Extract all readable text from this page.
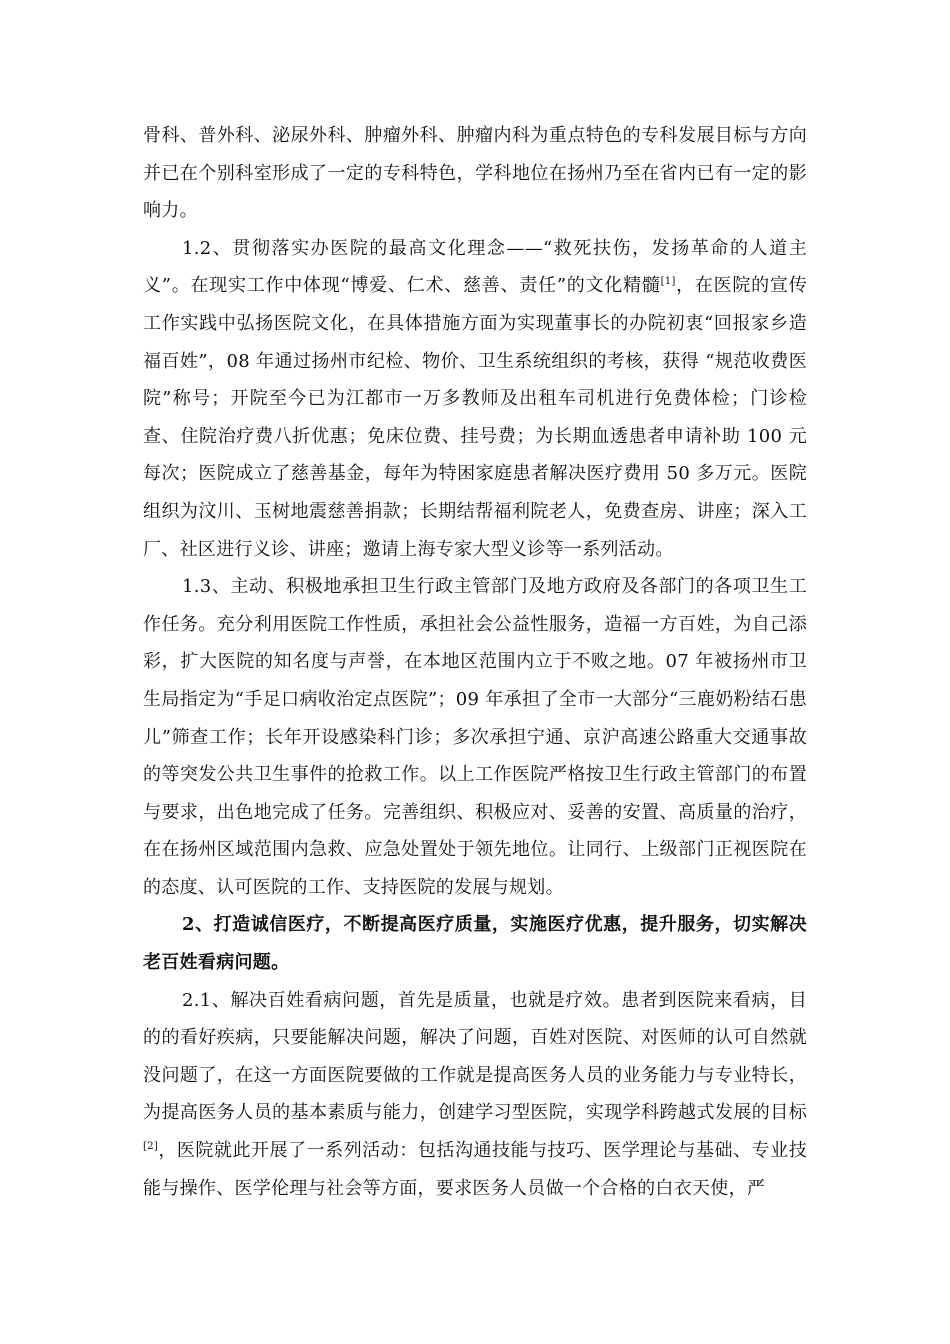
骨科、普外科、泌尿外科、肿瘤外科、肿瘤内科为重点特色的专科发展目标与方向并已在个别科室形成了一定的专科特色，学科地位在扬州乃至在省内已有一定的影响力。

1.2、贯彻落实办医院的最高文化理念——“救死扶伤，发扬革命的人道主义”。在现实工作中体现“博爱、仁术、慈善、责任”的文化精髓[1]，在医院的宣传工作实践中弘扬医院文化，在具体措施方面为实现董事长的办院初衷“回报家乡造福百姓”，08 年通过扬州市纪检、物价、卫生系统组织的考核，获得 “规范收费医院”称号；开院至今已为江都市一万多教师及出租车司机进行免费体检；门诊检查、住院治疗费八折优惠；免床位费、挂号费；为长期血透患者申请补助 100 元每次；医院成立了慈善基金，每年为特困家庭患者解决医疗费用 50 多万元。医院组织为汶川、玉树地震慈善捐款；长期结帮福利院老人，免费查房、讲座；深入工厂、社区进行义诊、讲座；邀请上海专家大型义诊等一系列活动。

1.3、主动、积极地承担卫生行政主管部门及地方政府及各部门的各项卫生工作任务。充分利用医院工作性质，承担社会公益性服务，造福一方百姓，为自己添彩，扩大医院的知名度与声誉，在本地区范围内立于不败之地。07 年被扬州市卫生局指定为“手足口病收治定点医院”；09 年承担了全市一大部分“三鹿奶粉结石患儿”筛查工作；长年开设感染科门诊；多次承担宁通、京沪高速公路重大交通事故的等突发公共卫生事件的抢救工作。以上工作医院严格按卫生行政主管部门的布置与要求，出色地完成了任务。完善组织、积极应对、妥善的安置、高质量的治疗，在在扬州区域范围内急救、应急处置处于领先地位。让同行、上级部门正视医院在的态度、认可医院的工作、支持医院的发展与规划。

2、打造诚信医疗，不断提高医疗质量，实施医疗优惠，提升服务，切实解决老百姓看病问题。

2.1、解决百姓看病问题，首先是质量，也就是疗效。患者到医院来看病，目的的看好疾病，只要能解决问题，解决了问题，百姓对医院、对医师的认可自然就没问题了，在这一方面医院要做的工作就是提高医务人员的业务能力与专业特长，为提高医务人员的基本素质与能力，创建学习型医院，实现学科跨越式发展的目标[2]，医院就此开展了一系列活动：包括沟通技能与技巧、医学理论与基础、专业技能与操作、医学伦理与社会等方面，要求医务人员做一个合格的白衣天使，严
